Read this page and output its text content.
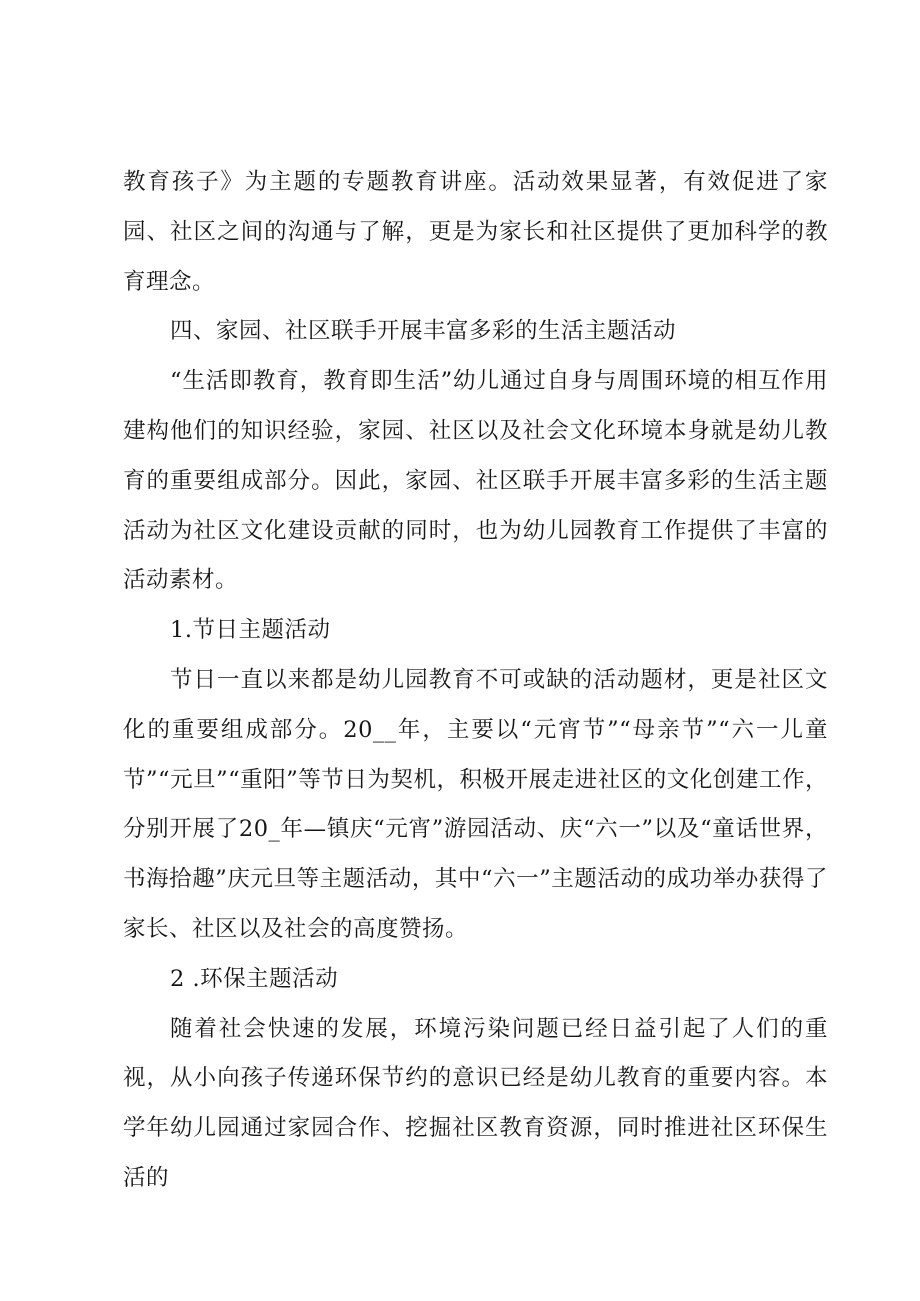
教育孩子》为主题的专题教育讲座。活动效果显著，有效促进了家园、社区之间的沟通与了解，更是为家长和社区提供了更加科学的教育理念。

四、家园、社区联手开展丰富多彩的生活主题活动

“生活即教育，教育即生活”幼儿通过自身与周围环境的相互作用建构他们的知识经验，家园、社区以及社会文化环境本身就是幼儿教育的重要组成部分。因此，家园、社区联手开展丰富多彩的生活主题活动为社区文化建设贡献的同时，也为幼儿园教育工作提供了丰富的活动素材。

1.节日主题活动

节日一直以来都是幼儿园教育不可或缺的活动题材，更是社区文化的重要组成部分。20__年，主要以“元宵节”“母亲节”“六一儿童节”“元旦”“重阳”等节日为契机，积极开展走进社区的文化创建工作，分别开展了20_年—镇庆“元宵”游园活动、庆“六一”以及“童话世界，书海拾趣”庆元旦等主题活动，其中“六一”主题活动的成功举办获得了家长、社区以及社会的高度赞扬。

2 .环保主题活动

随着社会快速的发展，环境污染问题已经日益引起了人们的重视，从小向孩子传递环保节约的意识已经是幼儿教育的重要内容。本学年幼儿园通过家园合作、挖掘社区教育资源，同时推进社区环保生活的
